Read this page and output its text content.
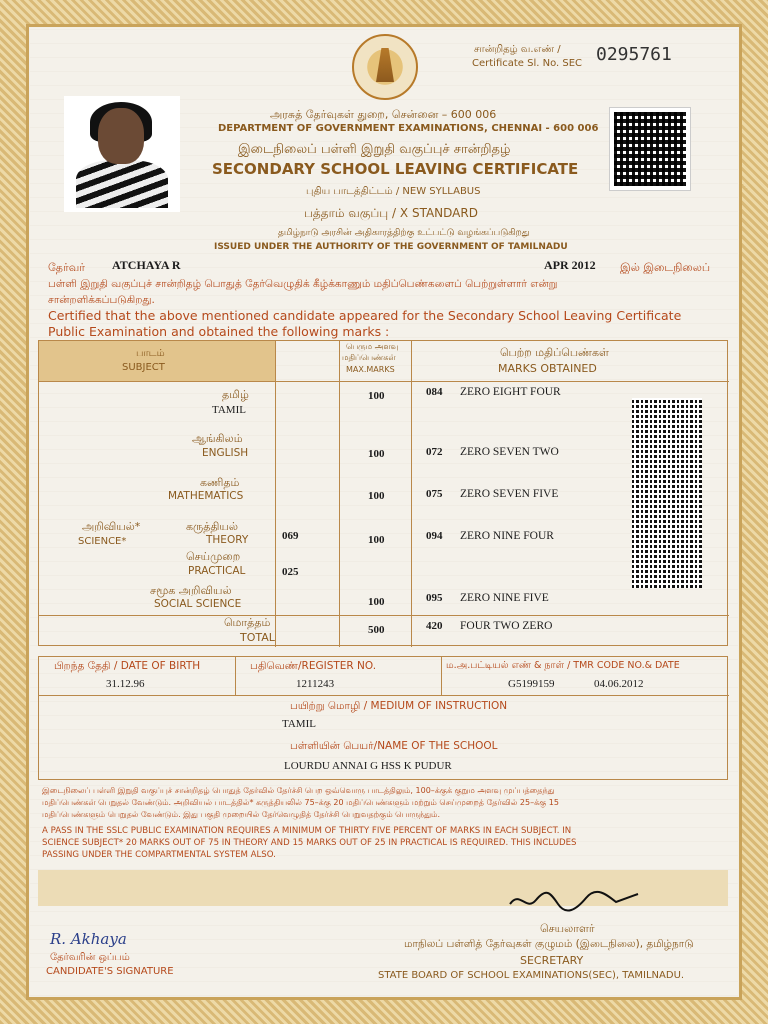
சான்றிதழ் வ.எண் /
Certificate Sl. No. SEC 0295761
அரசுத் தேர்வுகள் துறை, சென்னை – 600 006
DEPARTMENT OF GOVERNMENT EXAMINATIONS, CHENNAI - 600 006
இடைநிலைப் பள்ளி இறுதி வகுப்புச் சான்றிதழ்
SECONDARY SCHOOL LEAVING CERTIFICATE
புதிய பாடத்திட்டம் / NEW SYLLABUS
பத்தாம் வகுப்பு / X STANDARD
தமிழ்நாடு அரசின் அதிகாரத்திற்கு உட்பட்டு வழங்கப்படுகிறது
ISSUED UNDER THE AUTHORITY OF THE GOVERNMENT OF TAMILNADU
தேர்வர் ATCHAYA R	APR 2012 இல் இடைநிலைப்
பள்ளி இறுதி வகுப்புச் சான்றிதழ் பொதுத் தேர்வெழுதிக் கீழ்க்காணும் மதிப்பெண்களைப் பெற்றுள்ளார் என்று
சான்றளிக்கப்படுகிறது.
Certified that the above mentioned candidate appeared for the Secondary School Leaving Certificate
Public Examination and obtained the following marks :
பாடம்
SUBJECT
பெரும அளவு
மதிப்பெண்கள்
MAX.MARKS
பெற்ற மதிப்பெண்கள்
MARKS OBTAINED
தமிழ்
TAMIL
100	084 ZERO EIGHT FOUR
ஆங்கிலம்
ENGLISH	100	072 ZERO SEVEN TWO
கணிதம்
MATHEMATICS	100	075 ZERO SEVEN FIVE
அறிவியல்*
SCIENCE*
கருத்தியல்
THEORY	069	100	094 ZERO NINE FOUR
செய்முறை
PRACTICAL	025
சமூக அறிவியல்
SOCIAL SCIENCE	100	095 ZERO NINE FIVE
மொத்தம்
TOTAL
500	420 FOUR TWO ZERO
பிறந்த தேதி / DATE OF BIRTH
31.12.96
பதிவெண்/REGISTER NO.
1211243
ம.அ.பட்டியல் எண் & நாள் / TMR CODE NO.& DATE
G5199159	04.06.2012
பயிற்று மொழி / MEDIUM OF INSTRUCTION
TAMIL
பள்ளியின் பெயர்/NAME OF THE SCHOOL
LOURDU ANNAI G HSS K PUDUR
இடைநிலைப் பள்ளி இறுதி வகுப்புச் சான்றிதழ் பொதுத் தேர்வில் தேர்ச்சி பெற ஒவ்வொரு பாடத்திலும், 100–க்குக் குறும அளவு முப்பத்தைந்து
மதிப்பெண்கள் பெறுதல் வேண்டும். அறிவியல் பாடத்தில்* கருத்தியலில் 75–க்கு 20 மதிப்பெண்களும் மற்றும் செய்முறைத் தேர்வில் 25–க்கு 15
மதிப்பெண்களும் பெறுதல் வேண்டும். இது பகுதி முறையில் தேர்வெழுதித் தேர்ச்சி பெறுவதற்கும் பொருந்தும்.
A PASS IN THE SSLC PUBLIC EXAMINATION REQUIRES A MINIMUM OF THIRTY FIVE PERCENT OF MARKS IN EACH SUBJECT. IN
SCIENCE SUBJECT* 20 MARKS OUT OF 75 IN THEORY AND 15 MARKS OUT OF 25 IN PRACTICAL IS REQUIRED. THIS INCLUDES
PASSING UNDER THE COMPARTMENTAL SYSTEM ALSO.
R. Akhaya
தேர்வரின் ஒப்பம்
CANDIDATE'S SIGNATURE
செயலாளர்
மாநிலப் பள்ளித் தேர்வுகள் குழுமம் (இடைநிலை), தமிழ்நாடு
SECRETARY
STATE BOARD OF SCHOOL EXAMINATIONS(SEC), TAMILNADU.
